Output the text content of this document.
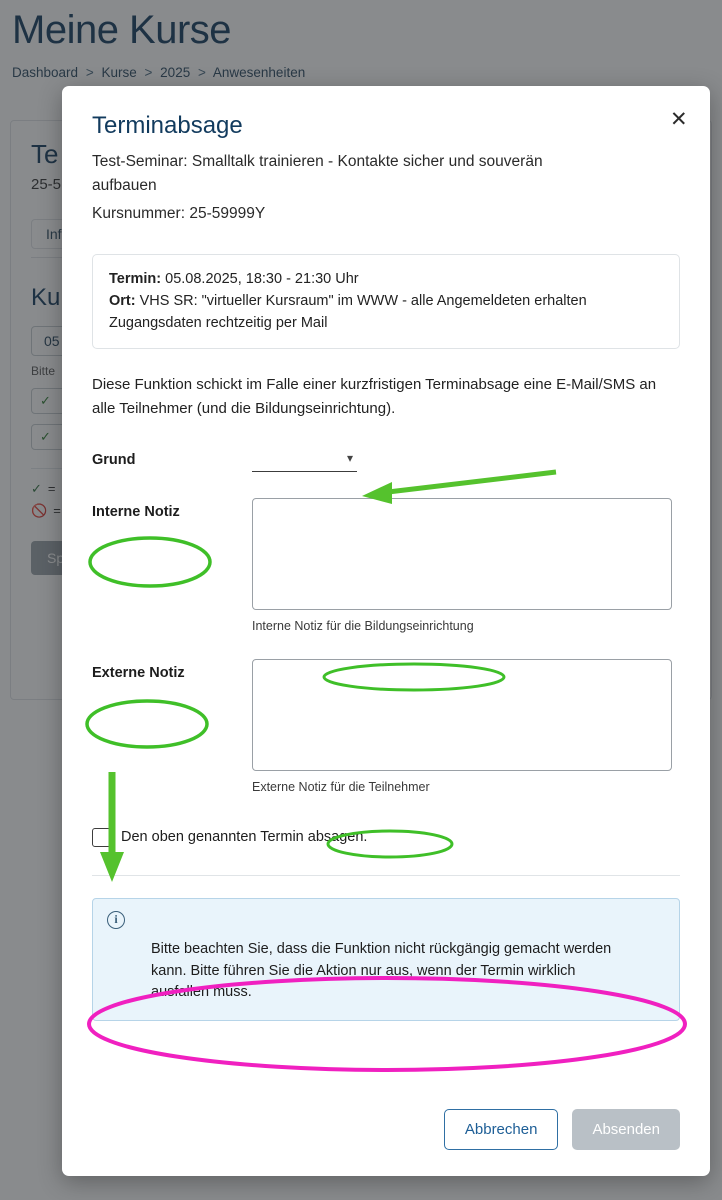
✕
Terminabsage
Test-Seminar: Smalltalk trainieren - Kontakte sicher und souverän
aufbauen
Kursnummer: 25-59999Y
Termin: 05.08.2025, 18:30 - 21:30 Uhr
Ort: VHS SR: "virtueller Kursraum" im WWW - alle Angemeldeten erhalten Zugangsdaten rechtzeitig per Mail
Diese Funktion schickt im Falle einer kurzfristigen Terminabsage eine E-Mail/SMS an alle Teilnehmer (und die Bildungseinrichtung).
Grund	▾
Interne Notiz
Interne Notiz für die Bildungseinrichtung
Externe Notiz
Externe Notiz für die Teilnehmer
Den oben genannten Termin absagen.
i
Bitte beachten Sie, dass die Funktion nicht rückgängig gemacht werden kann. Bitte führen Sie die Aktion nur aus, wenn der Termin wirklich ausfallen muss.
Abbrechen	Absenden
